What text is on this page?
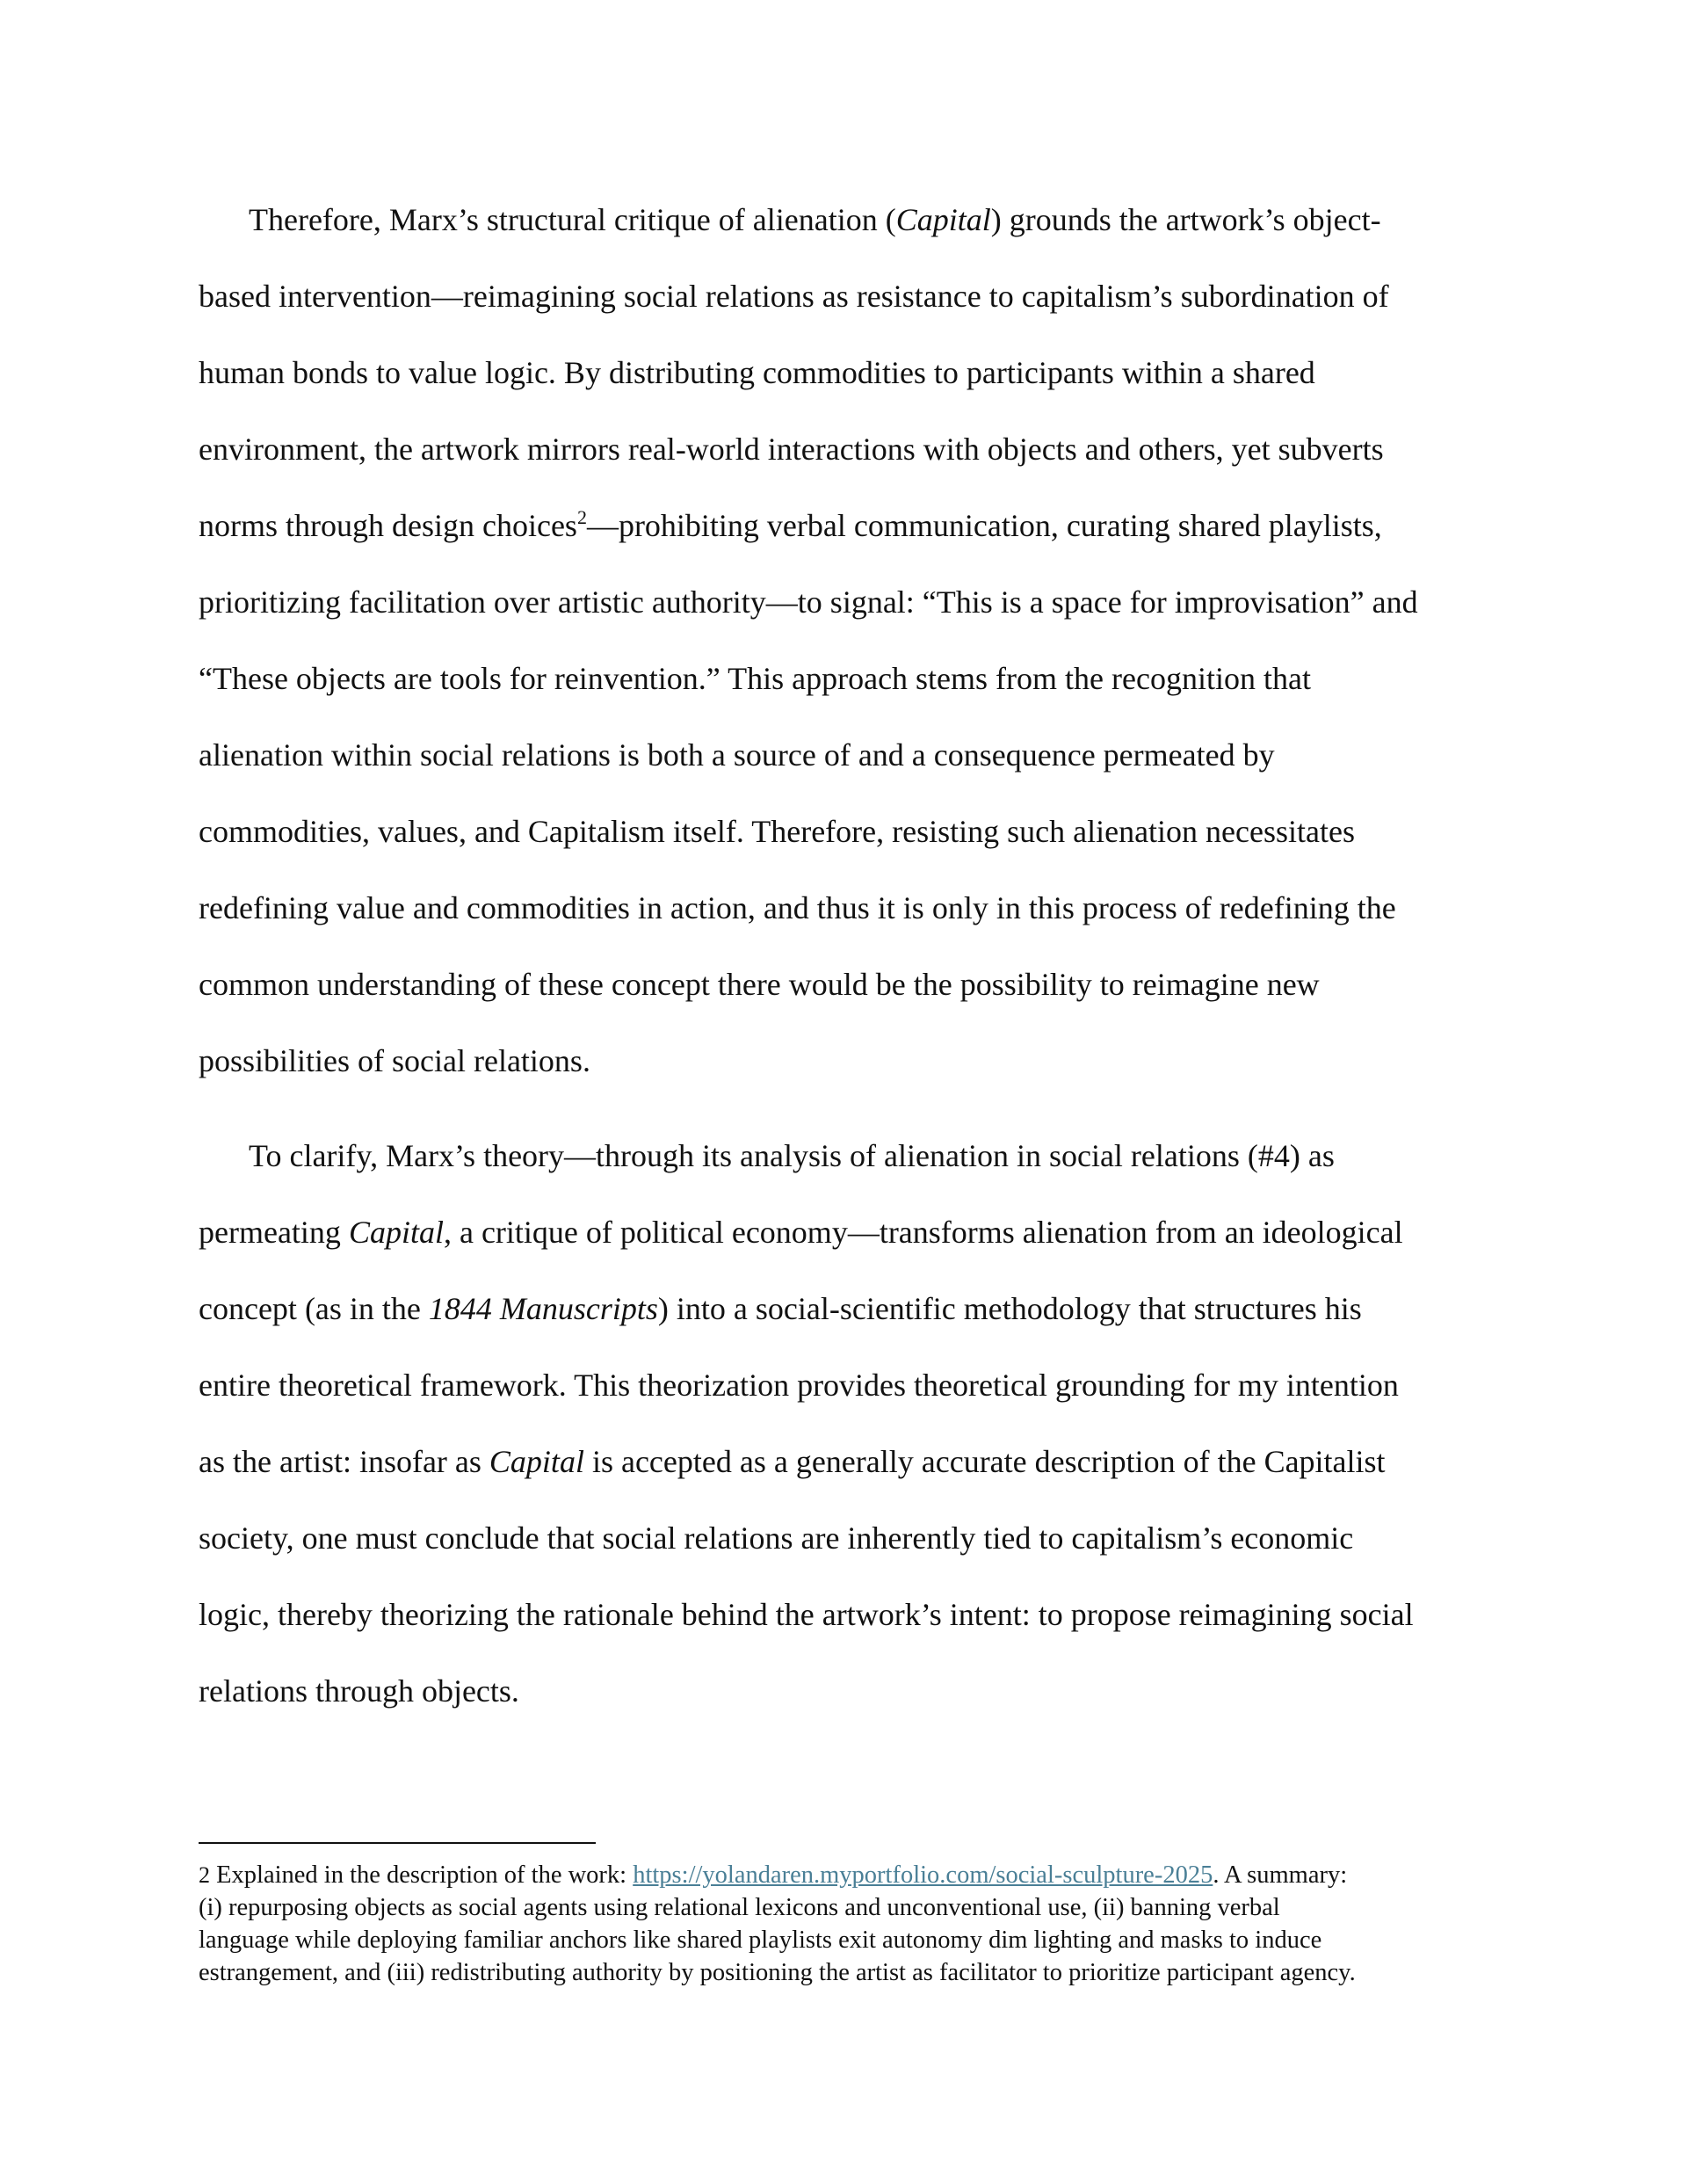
Therefore, Marx’s structural critique of alienation (Capital) grounds the artwork’s object-
based intervention—reimagining social relations as resistance to capitalism’s subordination of
human bonds to value logic. By distributing commodities to participants within a shared
environment, the artwork mirrors real-world interactions with objects and others, yet subverts
norms through design choices$^2$—prohibiting verbal communication, curating shared playlists,
prioritizing facilitation over artistic authority—to signal: “This is a space for improvisation” and
“These objects are tools for reinvention.” This approach stems from the recognition that
alienation within social relations is both a source of and a consequence permeated by
commodities, values, and Capitalism itself. Therefore, resisting such alienation necessitates
redefining value and commodities in action, and thus it is only in this process of redefining the
common understanding of these concept there would be the possibility to reimagine new
possibilities of social relations.

To clarify, Marx’s theory—through its analysis of alienation in social relations (#4) as
permeating Capital, a critique of political economy—transforms alienation from an ideological
concept (as in the 1844 Manuscripts) into a social-scientific methodology that structures his
entire theoretical framework. This theorization provides theoretical grounding for my intention
as the artist: insofar as Capital is accepted as a generally accurate description of the Capitalist
society, one must conclude that social relations are inherently tied to capitalism’s economic
logic, thereby theorizing the rationale behind the artwork’s intent: to propose reimagining social
relations through objects.

2 Explained in the description of the work: https://yolandaren.myportfolio.com/social-sculpture-2025. A summary:
(i) repurposing objects as social agents using relational lexicons and unconventional use, (ii) banning verbal
language while deploying familiar anchors like shared playlists exit autonomy dim lighting and masks to induce
estrangement, and (iii) redistributing authority by positioning the artist as facilitator to prioritize participant agency.
